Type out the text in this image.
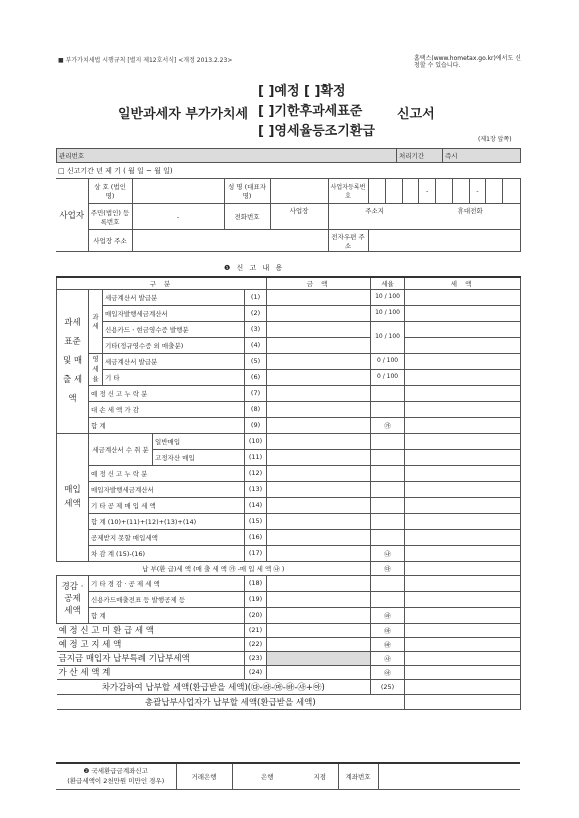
■ 부가가치세법 시행규칙 [별지 제12호서식] <개정 2013.2.23>	홈택스(www.hometax.go.kr)에서도 신청할 수 있습니다.
일반과세자 부가가치세
[ ]예정 [ ]확정
[ ]기한후과세표준
[ ]영세율등조기환급
신고서
(제1장 앞쪽)
관리번호	처리기간	즉시
□ 신고기간 년 제 기 ( 월 일 ~ 월 일)
사업자	상 호 (법인명)		성 명 (대표자명)		사업자등록번호	
			-			-		

주민(법인) 등록번호	-	전화번호	
사업장	주소지	휴대전화

사업장 주소		전자우편 주소	
❶ 신 고 내 용
구 분					금 액	세율	세 액
과세 표준 및 매출 세액	과세	세금계산서 발급분		(1)		10 / 100	
		매입자발행세금계산서		(2)		10 / 100	
		신용카드ㆍ현금영수증 발행분		(3)		10 / 100	
		기타(정규영수증 외 매출분)		(4)			
	영 세 율	세금계산서 발급분		(5)		0 / 100	
		기 타		(6)		0 / 100	
	예 정 신 고 누 락 분			(7)			
	대 손 세 액 가 감			(8)			
	합 계			(9)		㉮	
매입 세액	세금계산서 수 취 분		일반매입	(10)			
			고정자산 매입	(11)			
	예 정 신 고 누 락 분			(12)			
	매입자발행세금계산서			(13)			
	기 타 공 제 매 입 세 액			(14)			
	합 계 (10)+(11)+(12)+(13)+(14)			(15)			
	공제받지 못할 매입세액			(16)			
	차 감 계 (15)-(16)			(17)		㉯	
납 부(환 급)세 액 (매 출 세 액 ㉮ -매 입 세 액 ㉯ )						㉰	
경감 · 공제 세액	기 타 경 감 · 공 제 세 액			(18)			
	신용카드매출전표 등 발행공제 등			(19)			
	합 계			(20)		㉱	
예 정 신 고 미 환 급 세 액				(21)		㉲	
예 정 고 지 세 액				(22)		㉳	
금지금 매입자 납부특례 기납부세액				(23)		㉴	
가 산 세 액 계				(24)		㉵	
차가감하여 납부할 세액(환급받을 세액)(㉰-㉱-㉲-㉳-㉴+㉵)						(25)	
총괄납부사업자가 납부할 세액(환급받을 세액)							
❷ 국세환급금계좌신고
(환급세액이 2천만원 미만인 경우)
	거래은행	은행	지점	계좌번호	
